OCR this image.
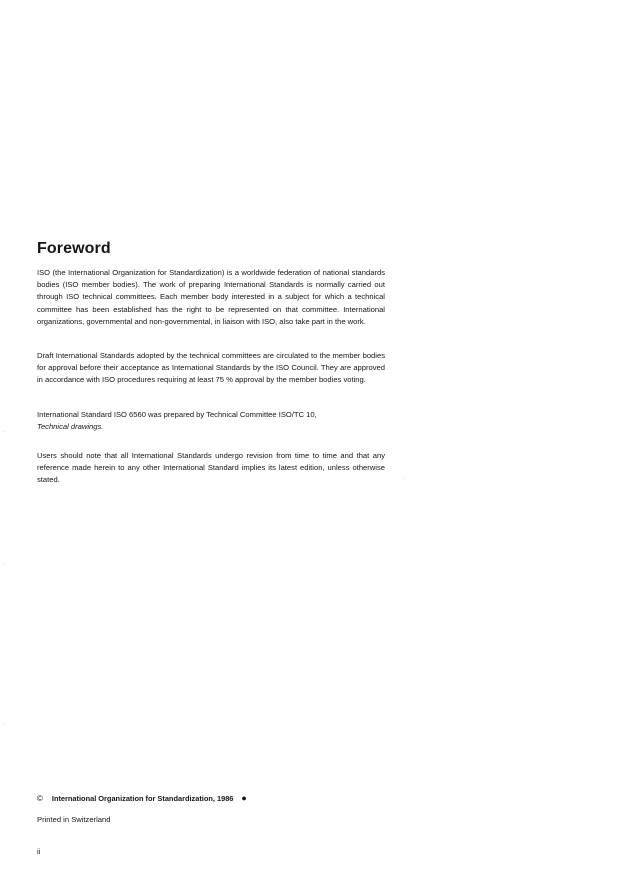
Foreword

ISO (the International Organization for Standardization) is a worldwide federation of national standards bodies (ISO member bodies). The work of preparing International Standards is normally carried out through ISO technical committees. Each member body interested in a subject for which a technical committee has been established has the right to be represented on that committee. International organizations, governmental and non-governmental, in liaison with ISO, also take part in the work.

Draft International Standards adopted by the technical committees are circulated to the member bodies for approval before their acceptance as International Standards by the ISO Council. They are approved in accordance with ISO procedures requiring at least 75 % approval by the member bodies voting.

International Standard ISO 6560 was prepared by Technical Committee ISO/TC 10,
Technical drawings.

Users should note that all International Standards undergo revision from time to time and that any reference made herein to any other International Standard implies its latest edition, unless otherwise stated.

© International Organization for Standardization, 1986 ●
Printed in Switzerland
ii
